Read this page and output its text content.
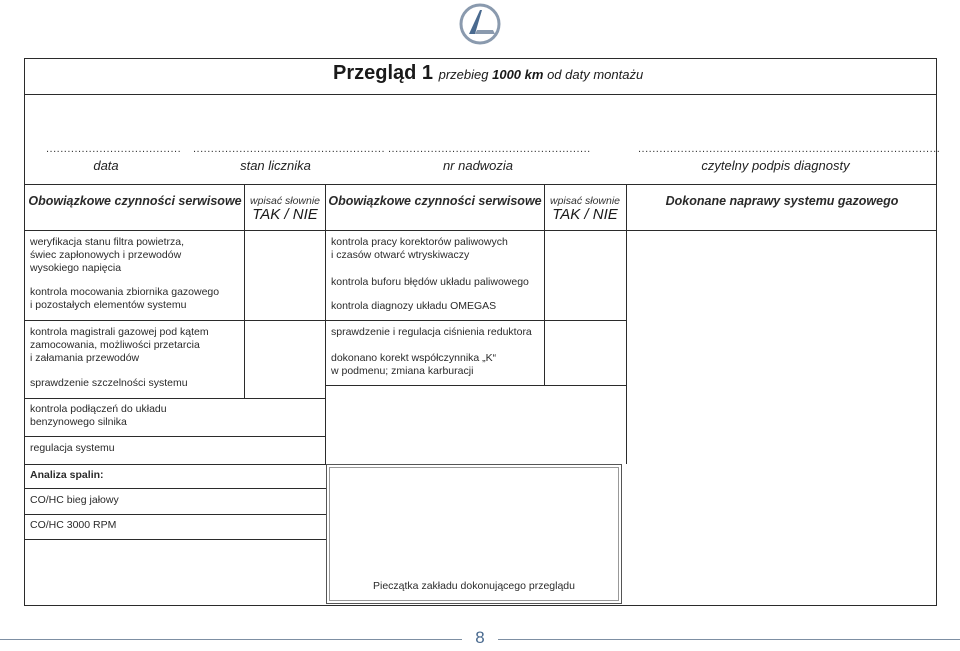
Przegląd 1 przebieg 1000 km od daty montażu
......................................
data
......................................................
stan licznika
.........................................................
nr nadwozia
.....................................................................................
czytelny podpis diagnosty
Obowiązkowe czynności serwisowe wpisać słownie
TAK / NIE
Obowiązkowe czynności serwisowe wpisać słownie
TAK / NIE
Dokonane naprawy systemu gazowego
weryfikacja stanu filtra powietrza,
świec zapłonowych i przewodów
wysokiego napięcia
kontrola mocowania zbiornika gazowego
i pozostałych elementów systemu
kontrola magistrali gazowej pod kątem
zamocowania, możliwości przetarcia
i załamania przewodów
sprawdzenie szczelności systemu
kontrola podłączeń do układu
benzynowego silnika
regulacja systemu
Analiza spalin:
CO/HC bieg jałowy
CO/HC 3000 RPM
kontrola pracy korektorów paliwowych
i czasów otwarć wtryskiwaczy
kontrola buforu błędów układu paliwowego
kontrola diagnozy układu OMEGAS
sprawdzenie i regulacja ciśnienia reduktora
dokonano korekt współczynnika „K“
w podmenu; zmiana karburacji
Pieczątka zakładu dokonującego przeglądu
8
